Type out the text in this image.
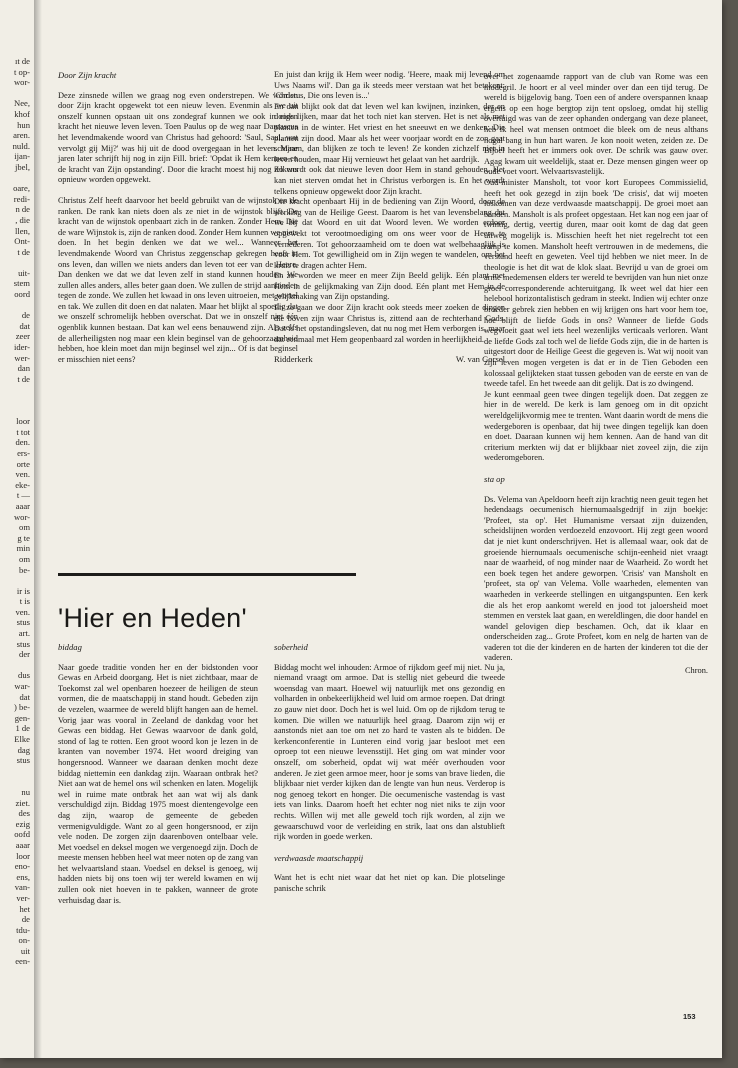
ıt de
t op-
wor-

Nee,
khof
hun
aren.
nuld.
ijan-
jbel,

oare,
redi-
n de
, die
llen,
Ont-
t de

uit-
stem
oord

de
dat
zeer
ider-
wer-
dan
t de

loor
t tot
den.
ers-
orte
ven.
eke-
t —
aaar
wor-
om
g te
min
om
be-

ir is
t is
ven.
stus
art.
stus
der

dus
war-
dat
) be-
gen-
1 de
Elke
dag
stus

nu
ziet.
des
ezig
oofd
aaar
loor
eno-
ens,
van-
ver-
het
de
tdu-
on-
uit
een-
Door Zijn kracht

Deze zinsnede willen we graag nog even onderstrepen. We worden door Zijn kracht opgewekt tot een nieuw leven. Evenmin als we uit onszelf kunnen opstaan uit ons zondegraf kunnen we ook in eigen kracht het nieuwe leven leven. Toen Paulus op de weg naar Damascus het levendmakende woord van Christus had gehoord: 'Saul, Saul, wat vervolgt gij Mij?' was hij uit de dood overgegaan in het leven. Maar jaren later schrijft hij nog in zijn Fill. brief: 'Opdat ik Hem kennen en de kracht van Zijn opstanding'. Door die kracht moest hij nog telkens opnieuw worden opgewekt.

Christus Zelf heeft daarvoor het beeld gebruikt van de wijnstok en de ranken. De rank kan niets doen als ze niet in de wijnstok blijft. De kracht van de wijnstok openbaart zich in de ranken. Zonder Hem, Die de ware Wijnstok is, zijn de ranken dood. Zonder Hem kunnen we niets doen. In het begin denken we dat we wel... Wanneer het levendmakende Woord van Christus zeggenschap gekregen heeft in ons leven, dan willen we niets anders dan leven tot eer van de Heere. Dan denken we dat we dat leven zelf in stand kunnen houden. We zullen alles anders, alles beter gaan doen. We zullen de strijd aanbinden tegen de zonde. We zullen het kwaad in ons leven uitroeien, met wortel en tak. We zullen dit doen en dat nalaten. Maar het blijkt al spoedig dat we onszelf schromelijk hebben overschat. Dat we in onszelf niet één ogenblik kunnen bestaan. Dat kan wel eens benauwend zijn. Als zelfs de allerheiligsten nog maar een klein beginsel van de gehoorzaamheid hebben, hoe klein moet dan mijn beginsel wel zijn... Of is dat beginsel er misschien niet eens?

En juist dan krijg ik Hem weer nodig. 'Heere, maak mij levend om Uws Naams wil'. Dan ga ik steeds meer verstaan wat het betekent: 'Christus, Die ons leven is...'

En dan blijkt ook dat dat leven wel kan kwijnen, inzinken, der en doods lijken, maar dat het toch niet kan sterven. Het is net als met planten in de winter. Het vriest en het sneeuwt en we denken: Die planten zijn dood. Maar als het weer voorjaar wordt en de zon gaat schijnen, dan blijken ze toch te leven! Ze konden zichzelf niet in leven houden, maar Hij vernieuwt het gelaat van het aardrijk.

Zo wordt ook dat nieuwe leven door Hem in stand gehouden. Het kan niet sterven omdat het in Christus verborgen is. En het wordt telkens opnieuw opgewekt door Zijn kracht.

Die kracht openbaart Hij in de bediening van Zijn Woord, door de werking van de Heilige Geest. Daarom is het van levensbelang dat we bij dat Woord en uit dat Woord leven. We worden erdoor opgewekt tot verootmoediging om ons weer voor de Heere te vernederen. Tot gehoorzaamheid om te doen wat welbehaaglijk is voor Hem. Tot gewilligheid om in Zijn wegen te wandelen, om het kruis te dragen achter Hem.

En zo worden we meer en meer Zijn Beeld gelijk. Eén plant met Hem in de gelijkmaking van Zijn dood. Eén plant met Hem in de gelijkmaking van Zijn opstanding.

En zo gaan we door Zijn kracht ook steeds meer zoeken de dingen die boven zijn waar Christus is, zittend aan de rechterhand Gods. Dat is het opstandingsleven, dat nu nog met Hem verborgen is, maar dat eenmaal met Hem geopenbaard zal worden in heerlijkheid.

Ridderkerk	W. van Gorsel
'Hier en Heden'
biddag

Naar goede traditie vonden her en der bidstonden voor Gewas en Arbeid doorgang. Het is niet zichtbaar, maar de Toekomst zal wel openbaren hoezeer de heiligen de steun vormen, die de maatschappij in stand houdt. Gebeden zijn de vezelen, waarmee de wereld blijft hangen aan de hemel. Vorig jaar was vooral in Zeeland de dankdag voor het Gewas een biddag. Het Gewas waarvoor de dank gold, stond of lag te rotten. Een groot woord kon je lezen in de kranten van november 1974. Het woord dreiging van hongersnood. Wanneer we daaraan denken mocht deze biddag niettemin een dankdag zijn. Waaraan ontbrak het? Niet aan wat de hemel ons wil schenken en laten. Mogelijk wel in ruime mate ontbrak het aan wat wij als dank verschuldigd zijn. Biddag 1975 moest dientengevolge een dag zijn, waarop de gemeente de gebeden vermenigvuldigde. Want zo al geen hongersnood, er zijn vele noden. De zorgen zijn daarenboven ontelbaar vele. Met voedsel en deksel mogen we vergenoegd zijn. Doch de meeste mensen hebben heel wat meer noten op de zang van het welvaartsland staan. Voedsel en deksel is genoeg, wij hadden niets bij ons toen wij ter wereld kwamen en wij zullen ook niet hoeven in te pakken, wanneer de grote verhuisdag daar is.

soberheid

Biddag mocht wel inhouden: Armoe of rijkdom geef mij niet. Nu ja, niemand vraagt om armoe. Dat is stellig niet gebeurd die tweede woensdag van maart. Hoewel wij natuurlijk met ons gezondig en volharden in onbekeerlijkheid wel luid om armoe roepen. Dat dringt zo gauw niet door. Doch het is wel luid. Om op de rijkdom terug te komen. Die willen we natuurlijk heel graag. Daarom zijn wij er aanstonds niet aan toe om net zo hard te vasten als te bidden. De kerkenconferentie in Lunteren eind vorig jaar besloot met een oproep tot een nieuwe levensstijl. Het ging om wat minder voor onszelf, om soberheid, opdat wij wat méér overhouden voor anderen. Je ziet geen armoe meer, hoor je soms van brave lieden, die blijkbaar niet verder kijken dan de lengte van hun neus. Verderop is nog genoeg tekort en honger. Die oecumenische vastendag is vast iets van links. Daarom hoeft het echter nog niet niks te zijn voor rechts. Willen wij met alle geweld toch rijk worden, al zijn we gewaarschuwd voor de verleiding en strik, laat ons dan alstublieft rijk worden in goede werken.

verdwaasde maatschappij

Want het is echt niet waar dat het niet op kan. Die plotselinge panische schrik

over het zogenaamde rapport van de club van Rome was een modegril. Je hoort er al veel minder over dan een tijd terug. De wereld is bijgelovig bang. Toen een of andere overspannen knaap ergens op een hoge bergtop zijn tent opsloeg, omdat hij stellig overtuigd was van de zeer ophanden ondergang van deze planeet, heb ik heel wat mensen ontmoet die bleek om de neus althans nogal bang in hun hart waren. Je kon nooit weten, zeiden ze. De Bijbel heeft het er immers ook over. De schrik was gauw over. Agag kwam uit weeldelijk, staat er. Deze mensen gingen weer op oude voet voort. Welvaartsvastelijk.

Oud-minister Mansholt, tot voor kort Europees Commissielid, heeft het ook gezegd in zijn boek 'De crisis', dat wij moeten loskomen van deze verdwaasde maatschappij. De groei moet aan banden. Mansholt is als profeet opgestaan. Het kan nog een jaar of twintig, dertig, veertig duren, maar ooit komt de dag dat geen uitweg mogelijk is. Misschien heeft het niet regelrecht tot een ramp te komen. Mansholt heeft vertrouwen in de medemens, die verstand heeft en geweten. Veel tijd hebben we niet meer. In de theologie is het dit wat de klok slaat. Bevrijd u van de groei om arme medemensen elders ter wereld te bevrijden van hun niet onze groei corresponderende achteruitgang. Ik weet wel dat hier een helebool horizontalistisch gedram in steekt. Indien wij echter onze broeder gebrek zien hebben en wij krijgen ons hart voor hem toe, hoe blijft de liefde Gods in ons? Wanneer de liefde Gods wegvloeit gaat wel iets heel wezenlijks verticaals verloren. Want de liefde Gods zal toch wel de liefde Gods zijn, die in de harten is uitgestort door de Heilige Geest die gegeven is. Wat wij nooit van zijn leven mogen vergeten is dat er in de Tien Geboden een kolossaal gelijkteken staat tussen geboden van de eerste en van de tweede tafel. En het tweede aan dit gelijk. Dat is zo dwingend.

Je kunt eenmaal geen twee dingen tegelijk doen. Dat zeggen ze hier in de wereld. De kerk is lam genoeg om in dit opzicht wereldgelijkvormig mee te trenten. Want daarin wordt de mens die wedergeboren is openbaar, dat hij twee dingen tegelijk kan doen en doet. Daaraan kunnen wij hem kennen. Aan de hand van dit criterium merkten wij dat er blijkbaar niet zoveel zijn, die zijn wederomgeboren.

sta op

Ds. Velema van Apeldoorn heeft zijn krachtig neen geuit tegen het hedendaags oecumenisch hiernumaalsgedrijf in zijn boekje: 'Profeet, sta op'. Het Humanisme versaat zijn duizenden, scheidslijnen worden verdoezeld enzovoort. Hij zegt geen woord dat je niet kunt onderschrijven. Het is allemaal waar, ook dat de groeiende hiernumaals oecumenische schijn-eenheid niet vraagt naar de waarheid, of nog minder naar de Waarheid. Zo wordt het een boek tegen het andere geworpen. 'Crisis' van Mansholt en 'profeet, sta op' van Velema. Volle waarheden, elementen van waarheden in verkeerde stellingen en uitgangspunten. Een kerk die als het erop aankomt wereld en jood tot jaloersheid moet stemmen en verstek laat gaan, en wereldlingen, die door handel en wandel gelovigen diep beschamen. Och, dat ik klaar en onderscheiden zag... Grote Profeet, kom en nelg de harten van de vaderen tot die der kinderen en de harten der kinderen tot die der vaderen.

Chron.
153
